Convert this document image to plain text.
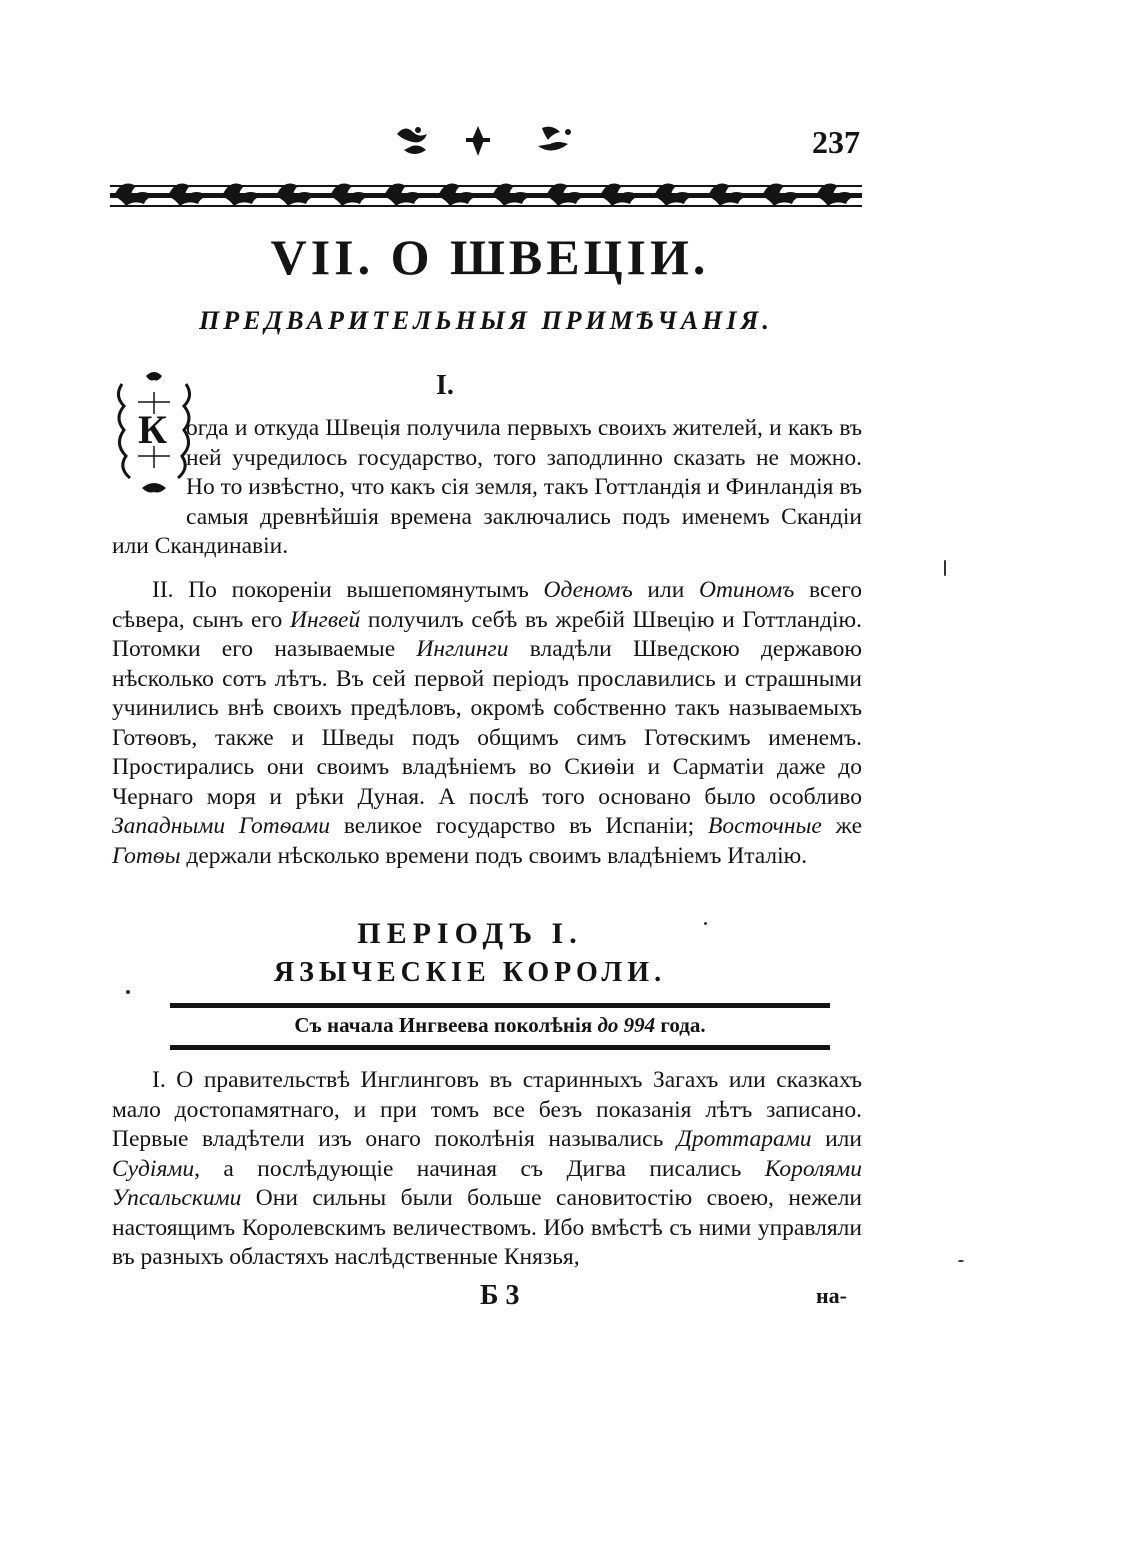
237
VII. О ШВЕЦІИ.
ПРЕДВАРИТЕЛЬНЫЯ ПРИМѢЧАНІЯ.
I.
К огда и откуда Швеція получила первыхъ своихъ жителей, и какъ въ ней учредилось государство, того заподлинно сказать не можно. Но то извѣстно, что какъ сія земля, такъ Готтландія и Финландія въ самыя древнѣйшія времена заключались подъ именемъ Скандіи или Скандинавіи.

II. По покореніи вышепомянутымъ Оденомъ или Отиномъ всего сѣвера, сынъ его Ингвей получилъ себѣ въ жребій Швецію и Готтландію. Потомки его называемые Инглинги владѣли Шведскою державою нѣсколько сотъ лѣтъ. Въ сей первой періодъ прославились и страшными учинились внѣ своихъ предѣловъ, окромѣ собственно такъ называемыхъ Готѳовъ, также и Шведы подъ общимъ симъ Готѳскимъ именемъ. Простирались они своимъ владѣніемъ во Скиѳіи и Сарматіи даже до Чернаго моря и рѣки Дуная. А послѣ того основано было особливо Западными Готѳами великое государство въ Испаніи; Восточные же Готѳы держали нѣсколько времени подъ своимъ владѣніемъ Италію.

ПЕРІОДЪ I.
ЯЗЫЧЕСКІЕ КОРОЛИ.
Съ начала Ингвеева поколѣнія до 994 года.

I. О правительствѣ Инглинговъ въ старинныхъ Загахъ или сказкахъ мало достопамятнаго, и при томъ все безъ показанія лѣтъ записано. Первые владѣтели изъ онаго поколѣнія назывались Дроттарами или Судіями, а послѣдующіе начиная съ Дигва писались Королями Упсальскими Они сильны были больше сановитостію своею, нежели настоящимъ Королевскимъ величествомъ. Ибо вмѣстѣ съ ними управляли въ разныхъ областяхъ наслѣдственные Князья,

Б 3	на-
